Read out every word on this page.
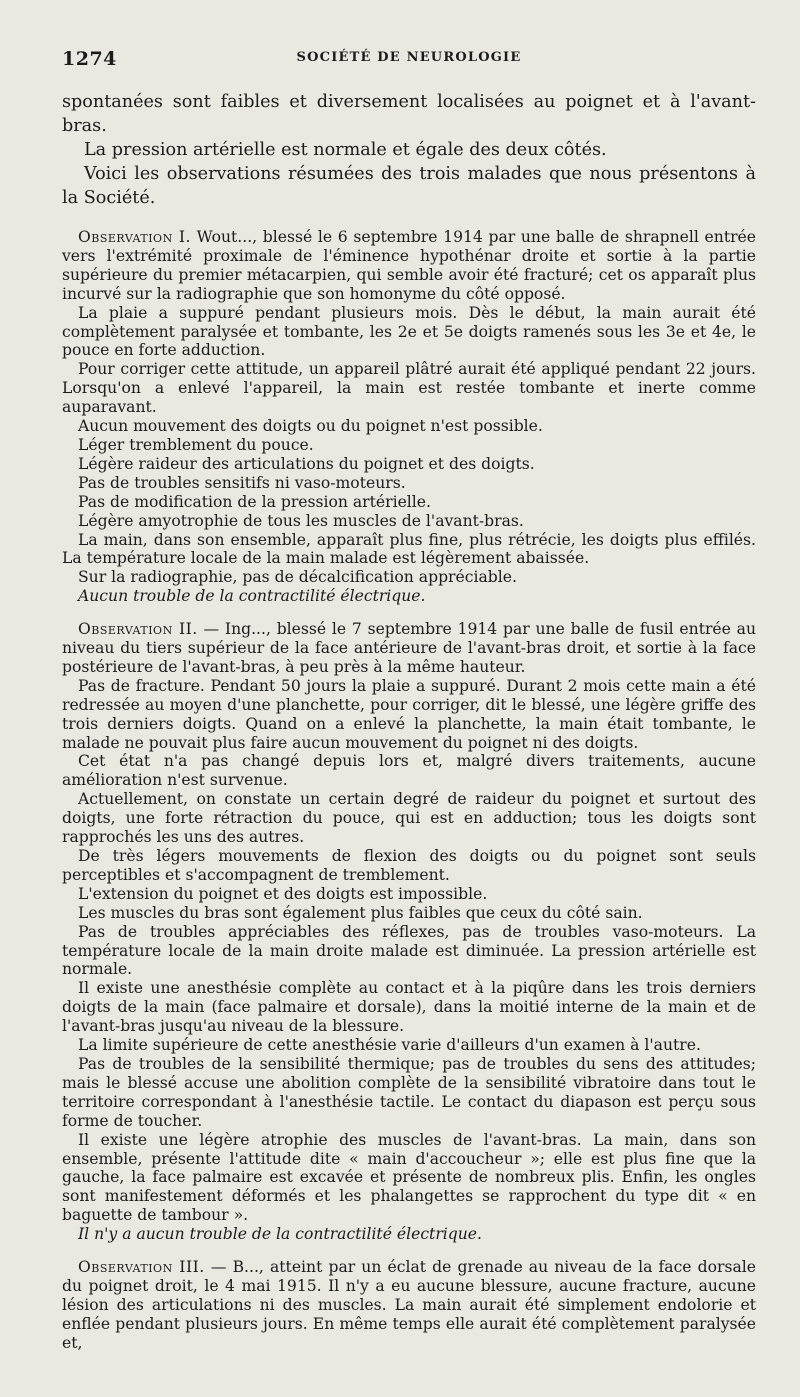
1274	SOCIÉTÉ DE NEUROLOGIE

spontanées sont faibles et diversement localisées au poignet et à l'avant-bras.

La pression artérielle est normale et égale des deux côtés.

Voici les observations résumées des trois malades que nous présentons à la Société.

Observation I. Wout..., blessé le 6 septembre 1914 par une balle de shrapnell entrée vers l'extrémité proximale de l'éminence hypothénar droite et sortie à la partie supérieure du premier métacarpien, qui semble avoir été fracturé; cet os apparaît plus incurvé sur la radiographie que son homonyme du côté opposé.

La plaie a suppuré pendant plusieurs mois. Dès le début, la main aurait été complètement paralysée et tombante, les 2e et 5e doigts ramenés sous les 3e et 4e, le pouce en forte adduction.

Pour corriger cette attitude, un appareil plâtré aurait été appliqué pendant 22 jours. Lorsqu'on a enlevé l'appareil, la main est restée tombante et inerte comme auparavant.

Aucun mouvement des doigts ou du poignet n'est possible.

Léger tremblement du pouce.

Légère raideur des articulations du poignet et des doigts.

Pas de troubles sensitifs ni vaso-moteurs.

Pas de modification de la pression artérielle.

Légère amyotrophie de tous les muscles de l'avant-bras.

La main, dans son ensemble, apparaît plus fine, plus rétrécie, les doigts plus effilés. La température locale de la main malade est légèrement abaissée.

Sur la radiographie, pas de décalcification appréciable.

Aucun trouble de la contractilité électrique.

Observation II. — Ing..., blessé le 7 septembre 1914 par une balle de fusil entrée au niveau du tiers supérieur de la face antérieure de l'avant-bras droit, et sortie à la face postérieure de l'avant-bras, à peu près à la même hauteur.

Pas de fracture. Pendant 50 jours la plaie a suppuré. Durant 2 mois cette main a été redressée au moyen d'une planchette, pour corriger, dit le blessé, une légère griffe des trois derniers doigts. Quand on a enlevé la planchette, la main était tombante, le malade ne pouvait plus faire aucun mouvement du poignet ni des doigts.

Cet état n'a pas changé depuis lors et, malgré divers traitements, aucune amélioration n'est survenue.

Actuellement, on constate un certain degré de raideur du poignet et surtout des doigts, une forte rétraction du pouce, qui est en adduction; tous les doigts sont rapprochés les uns des autres.

De très légers mouvements de flexion des doigts ou du poignet sont seuls perceptibles et s'accompagnent de tremblement.

L'extension du poignet et des doigts est impossible.

Les muscles du bras sont également plus faibles que ceux du côté sain.

Pas de troubles appréciables des réflexes, pas de troubles vaso-moteurs. La température locale de la main droite malade est diminuée. La pression artérielle est normale.

Il existe une anesthésie complète au contact et à la piqûre dans les trois derniers doigts de la main (face palmaire et dorsale), dans la moitié interne de la main et de l'avant-bras jusqu'au niveau de la blessure.

La limite supérieure de cette anesthésie varie d'ailleurs d'un examen à l'autre.

Pas de troubles de la sensibilité thermique; pas de troubles du sens des attitudes; mais le blessé accuse une abolition complète de la sensibilité vibratoire dans tout le territoire correspondant à l'anesthésie tactile. Le contact du diapason est perçu sous forme de toucher.

Il existe une légère atrophie des muscles de l'avant-bras. La main, dans son ensemble, présente l'attitude dite « main d'accoucheur »; elle est plus fine que la gauche, la face palmaire est excavée et présente de nombreux plis. Enfin, les ongles sont manifestement déformés et les phalangettes se rapprochent du type dit « en baguette de tambour ».

Il n'y a aucun trouble de la contractilité électrique.

Observation III. — B..., atteint par un éclat de grenade au niveau de la face dorsale du poignet droit, le 4 mai 1915. Il n'y a eu aucune blessure, aucune fracture, aucune lésion des articulations ni des muscles. La main aurait été simplement endolorie et enflée pendant plusieurs jours. En même temps elle aurait été complètement paralysée et,
